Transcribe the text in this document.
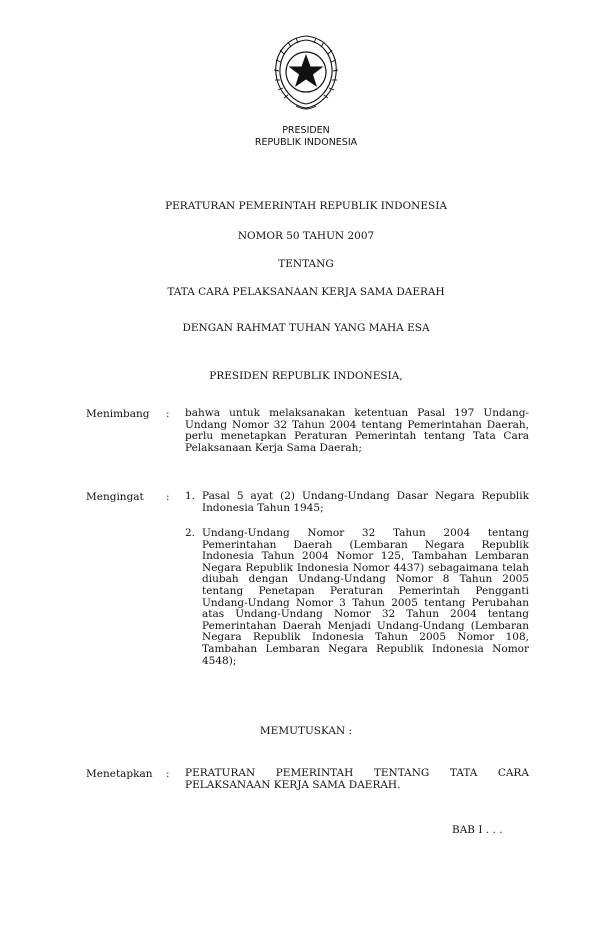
PRESIDEN
REPUBLIK INDONESIA
PERATURAN PEMERINTAH REPUBLIK INDONESIA
NOMOR 50 TAHUN 2007
TENTANG
TATA CARA PELAKSANAAN KERJA SAMA DAERAH
DENGAN RAHMAT TUHAN YANG MAHA ESA
PRESIDEN REPUBLIK INDONESIA,
Menimbang	:	bahwa untuk melaksanakan ketentuan Pasal 197 Undang-Undang Nomor 32 Tahun 2004 tentang Pemerintahan Daerah, perlu menetapkan Peraturan Pemerintah tentang Tata Cara Pelaksanaan Kerja Sama Daerah;
Mengingat	:	1. Pasal 5 ayat (2) Undang-Undang Dasar Negara Republik Indonesia Tahun 1945;
2. Undang-Undang Nomor 32 Tahun 2004 tentang Pemerintahan Daerah (Lembaran Negara Republik Indonesia Tahun 2004 Nomor 125, Tambahan Lembaran Negara Republik Indonesia Nomor 4437) sebagaimana telah diubah dengan Undang-Undang Nomor 8 Tahun 2005 tentang Penetapan Peraturan Pemerintah Pengganti Undang-Undang Nomor 3 Tahun 2005 tentang Perubahan atas Undang-Undang Nomor 32 Tahun 2004 tentang Pemerintahan Daerah Menjadi Undang-Undang (Lembaran Negara Republik Indonesia Tahun 2005 Nomor 108, Tambahan Lembaran Negara Republik Indonesia Nomor 4548);
MEMUTUSKAN :
Menetapkan	:	PERATURAN PEMERINTAH TENTANG TATA CARA
PELAKSANAAN KERJA SAMA DAERAH.
BAB I . . .
